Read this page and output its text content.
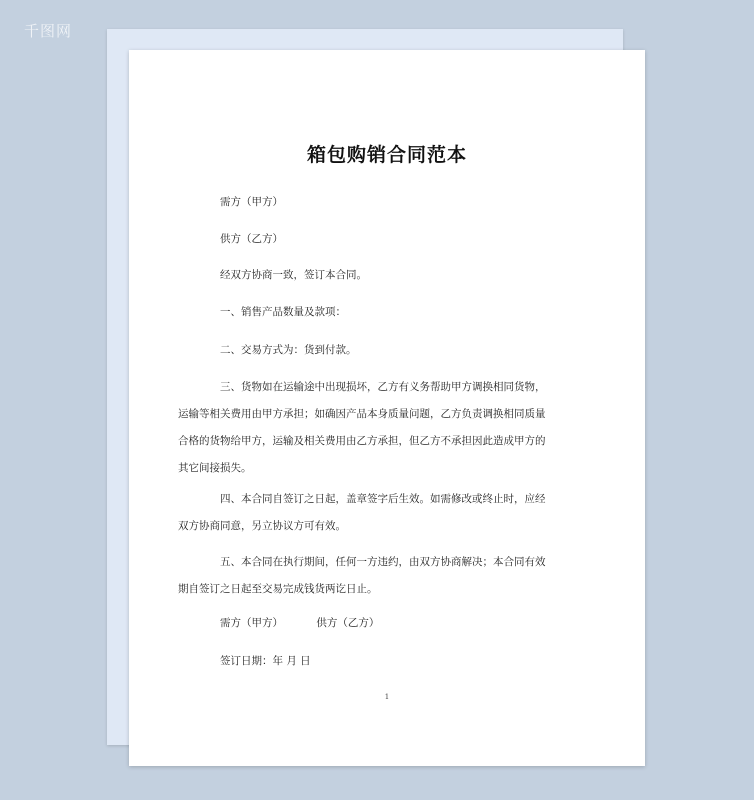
千图网
箱包购销合同范本

需方（甲方）

供方（乙方）

经双方协商一致，签订本合同。

一、销售产品数量及款项：

二、交易方式为：货到付款。

三、货物如在运输途中出现损坏，乙方有义务帮助甲方调换相同货物，运输等相关费用由甲方承担；如确因产品本身质量问题，乙方负责调换相同质量合格的货物给甲方，运输及相关费用由乙方承担，但乙方不承担因此造成甲方的其它间接损失。

四、本合同自签订之日起，盖章签字后生效。如需修改或终止时，应经双方协商同意，另立协议方可有效。

五、本合同在执行期间，任何一方违约，由双方协商解决；本合同有效期自签订之日起至交易完成钱货两讫日止。

需方（甲方）	供方（乙方）

签订日期：年 月 日

1
